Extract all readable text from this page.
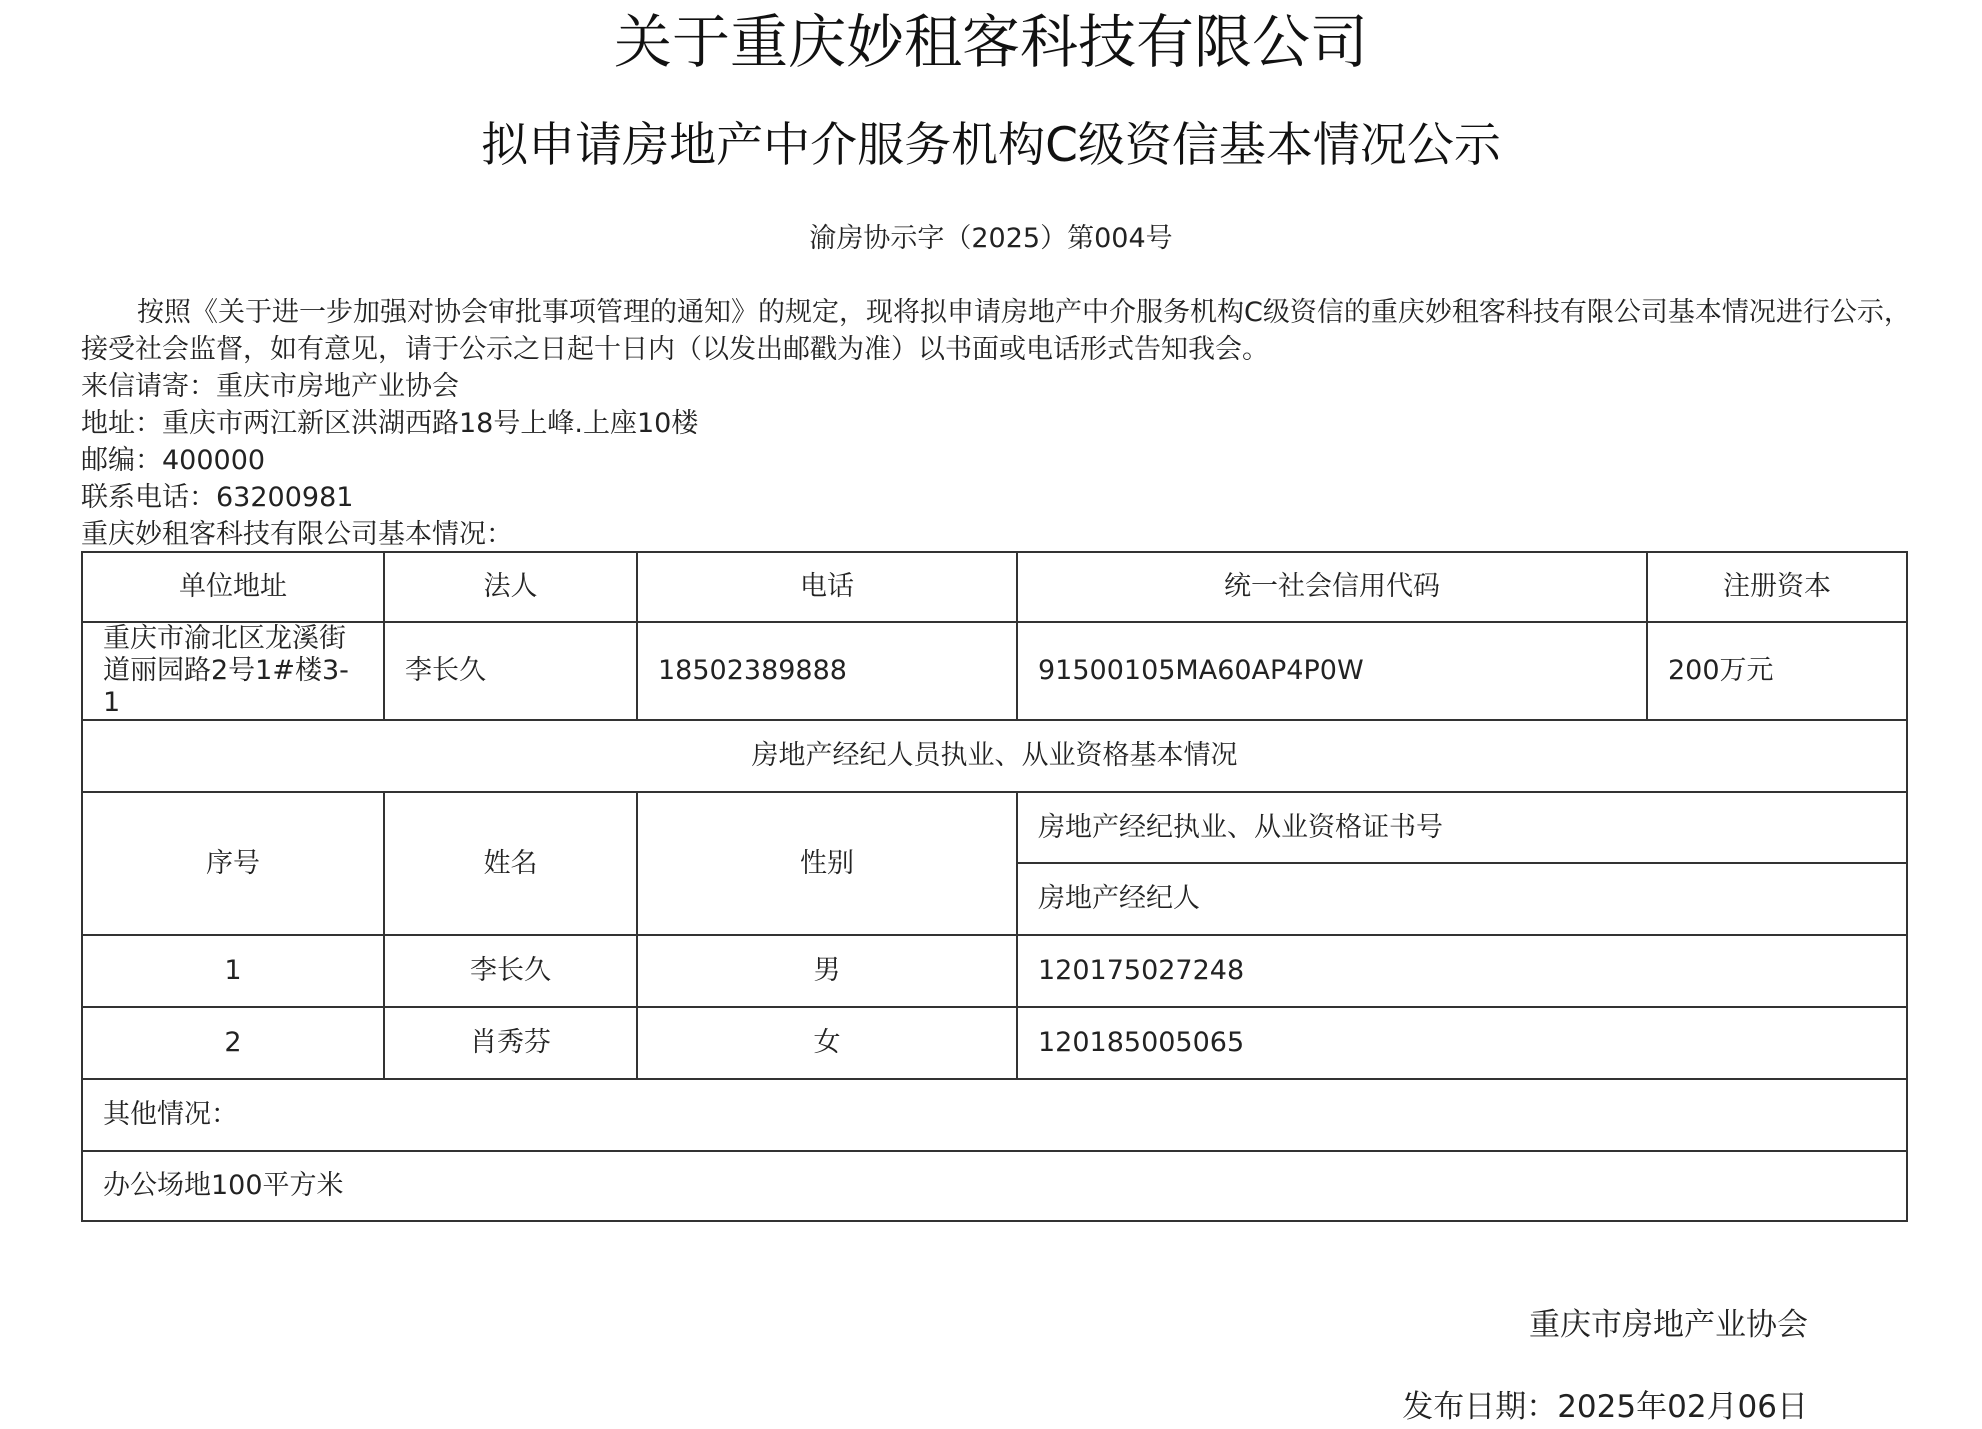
关于重庆妙租客科技有限公司
拟申请房地产中介服务机构C级资信基本情况公示
渝房协示字（2025）第004号

按照《关于进一步加强对协会审批事项管理的通知》的规定，现将拟申请房地产中介服务机构C级资信的重庆妙租客科技有限公司基本情况进行公示，接受社会监督，如有意见，请于公示之日起十日内（以发出邮戳为准）以书面或电话形式告知我会。

来信请寄：重庆市房地产业协会

地址：重庆市两江新区洪湖西路18号上峰.上座10楼

邮编：400000

联系电话：63200981

重庆妙租客科技有限公司基本情况：

单位地址	法人	电话	统一社会信用代码	注册资本
重庆市渝北区龙溪街道丽园路2号1#楼3-1	李长久	18502389888	91500105MA60AP4P0W	200万元
房地产经纪人员执业、从业资格基本情况				
序号	姓名	性别	房地产经纪执业、从业资格证书号	
			房地产经纪人	
1	李长久	男	120175027248	
2	肖秀芬	女	120185005065	
其他情况：				
办公场地100平方米				
重庆市房地产业协会
发布日期：2025年02月06日
